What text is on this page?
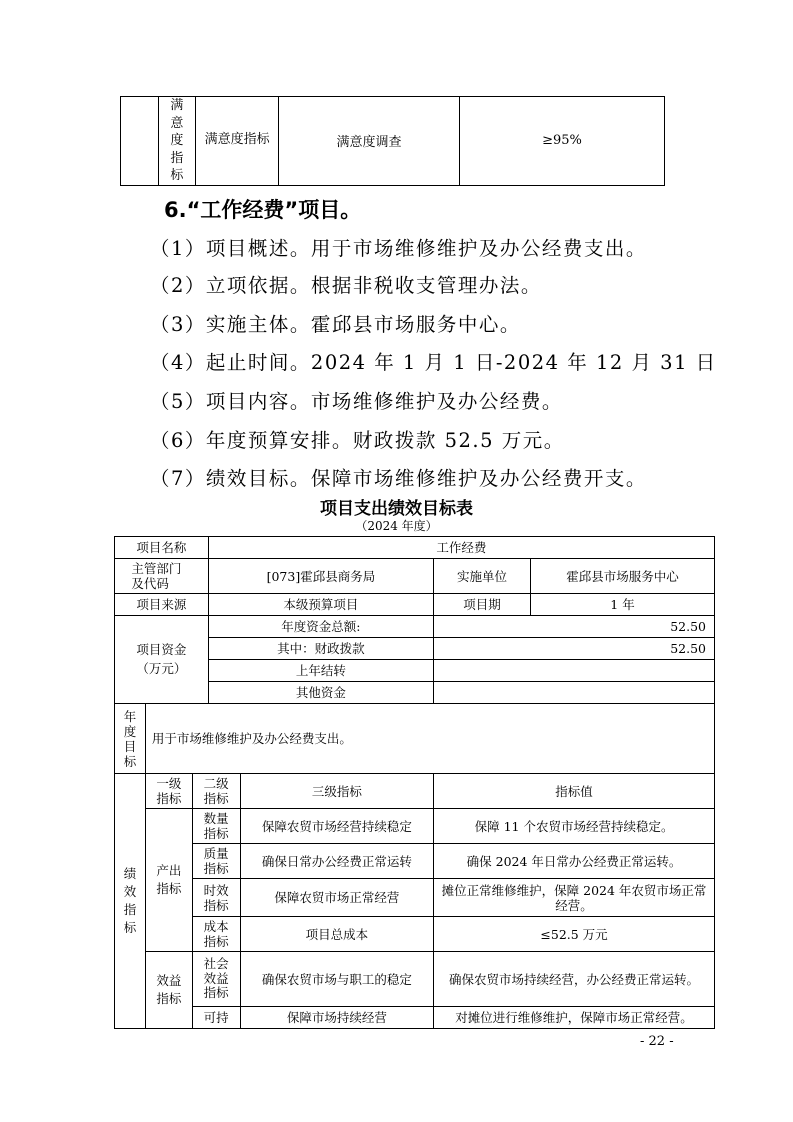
满意度指标

满意度指标	满意度调查	≥95%
6.“工作经费”项目。
（1）项目概述。用于市场维修维护及办公经费支出。
（2）立项依据。根据非税收支管理办法。
（3）实施主体。霍邱县市场服务中心。
（4）起止时间。2024 年 1 月 1 日-2024 年 12 月 31 日
（5）项目内容。市场维修维护及办公经费。
（6）年度预算安排。财政拨款 52.5 万元。
（7）绩效目标。保障市场维修维护及办公经费开支。
项目支出绩效目标表
（2024 年度）
项目名称			工作经费			

主管部门及代码			[073]霍邱县商务局		实施单位	霍邱县市场服务中心
项目来源			本级预算项目		项目期	1 年

项目资金（万元）			年度资金总额:		52.50	
			其中：财政拨款		52.50	
			上年结转			
			其他资金			

年度目标	用于市场维修维护及办公经费支出。					

绩效指标	一级指标	二级指标		三级指标	指标值	

	产出指标	数量指标		保障农贸市场经营持续稳定	保障 11 个农贸市场经营持续稳定。	

		质量指标		确保日常办公经费正常运转	确保 2024 年日常办公经费正常运转。	

		时效指标		保障农贸市场正常经营	摊位正常维修维护，保障 2024 年农贸市场正常经营。	

		成本指标		项目总成本	≤52.5 万元	

	效益指标	社会效益指标		确保农贸市场与职工的稳定	确保农贸市场持续经营，办公经费正常运转。	

		可持		保障市场持续经营	对摊位进行维修维护，保障市场正常经营。	
- 22 -
